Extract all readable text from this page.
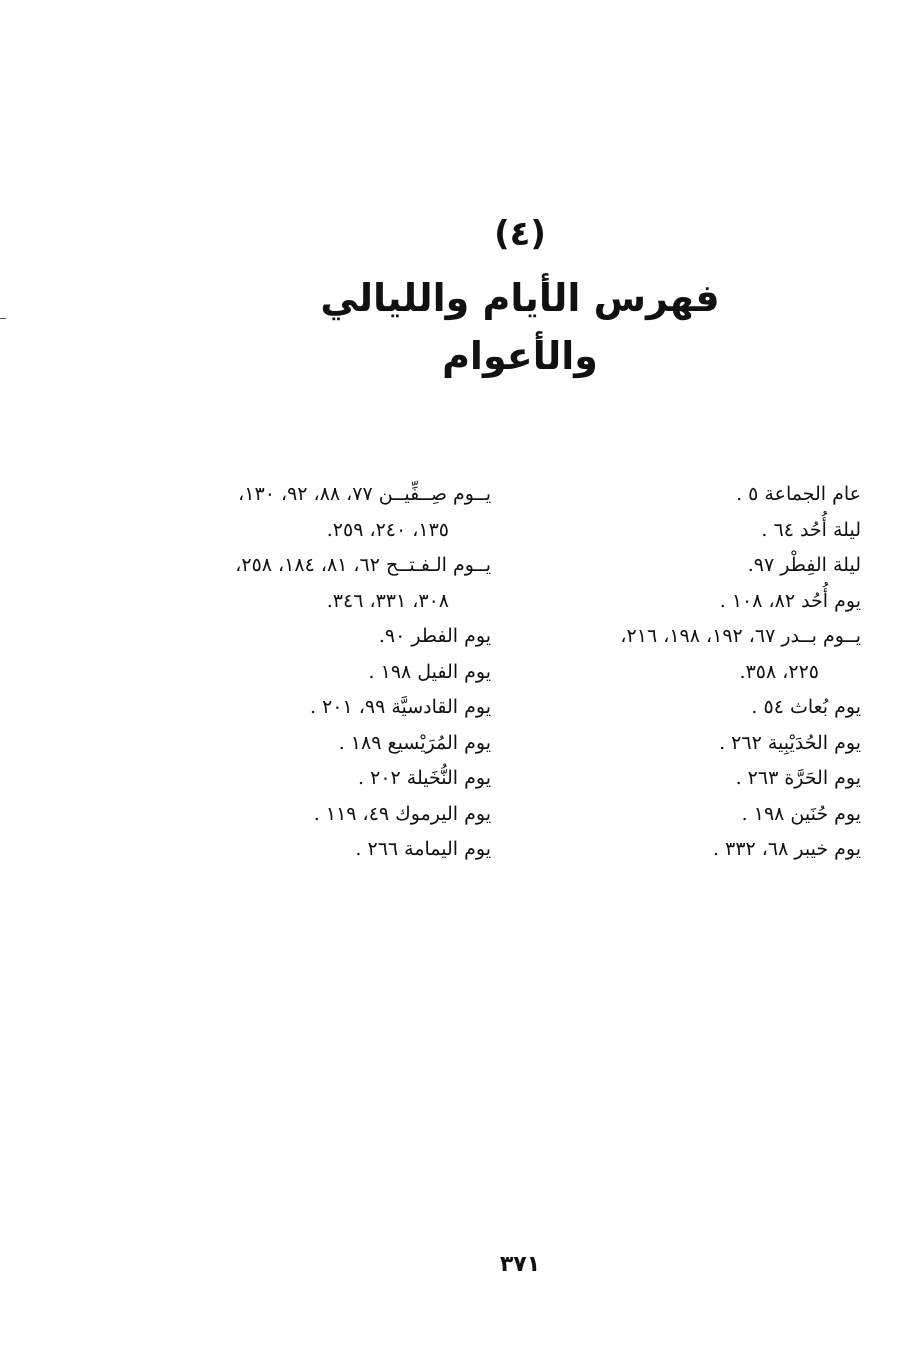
(٤)
فهرس الأيام والليالي
والأعوام
عام الجماعة ٥ .
ليلة أُحُد ٦٤ .
ليلة الفِطْر ٩٧.
يوم أُحُد ٨٢، ١٠٨ .
يــوم بــدر ٦٧، ١٩٢، ١٩٨، ٢١٦،
٢٢٥، ٣٥٨.
يوم بُعاث ٥٤ .
يوم الحُدَيْبِية ٢٦٢ .
يوم الحَرَّة ٢٦٣ .
يوم حُنَين ١٩٨ .
يوم خيبر ٦٨، ٣٣٢ .
يــوم صِــفِّيــن ٧٧، ٨٨، ٩٢، ١٣٠،
١٣٥، ٢٤٠، ٢٥٩.
يــوم الـفـتــح ٦٢، ٨١، ١٨٤، ٢٥٨،
٣٠٨، ٣٣١، ٣٤٦.
يوم الفطر ٩٠.
يوم الفيل ١٩٨ .
يوم القادسيَّة ٩٩، ٢٠١ .
يوم المُرَيْسيع ١٨٩ .
يوم النُّخَيلة ٢٠٢ .
يوم اليرموك ٤٩، ١١٩ .
يوم اليمامة ٢٦٦ .
٣٧١
